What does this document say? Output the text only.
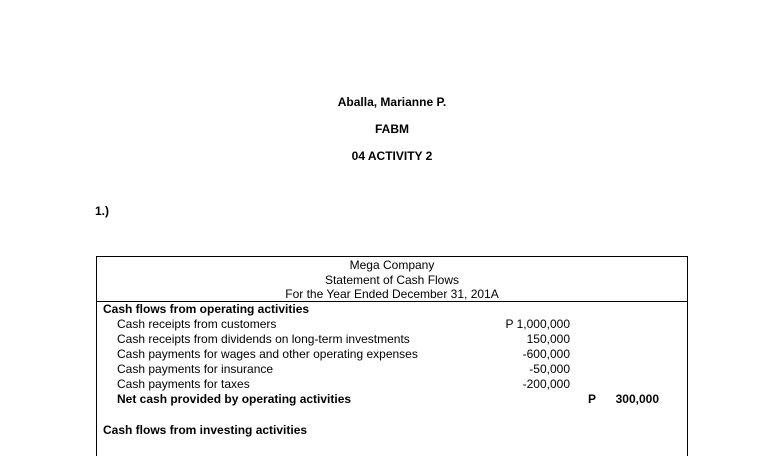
Aballa, Marianne P.
FABM
04 ACTIVITY 2
1.)
Mega Company
Statement of Cash Flows
For the Year Ended December 31, 201A
Cash flows from operating activities
Cash receipts from customers	P 1,000,000
Cash receipts from dividends on long-term investments	150,000
Cash payments for wages and other operating expenses	-600,000
Cash payments for insurance	-50,000
Cash payments for taxes	-200,000
Net cash provided by operating activities	P 300,000
Cash flows from investing activities
